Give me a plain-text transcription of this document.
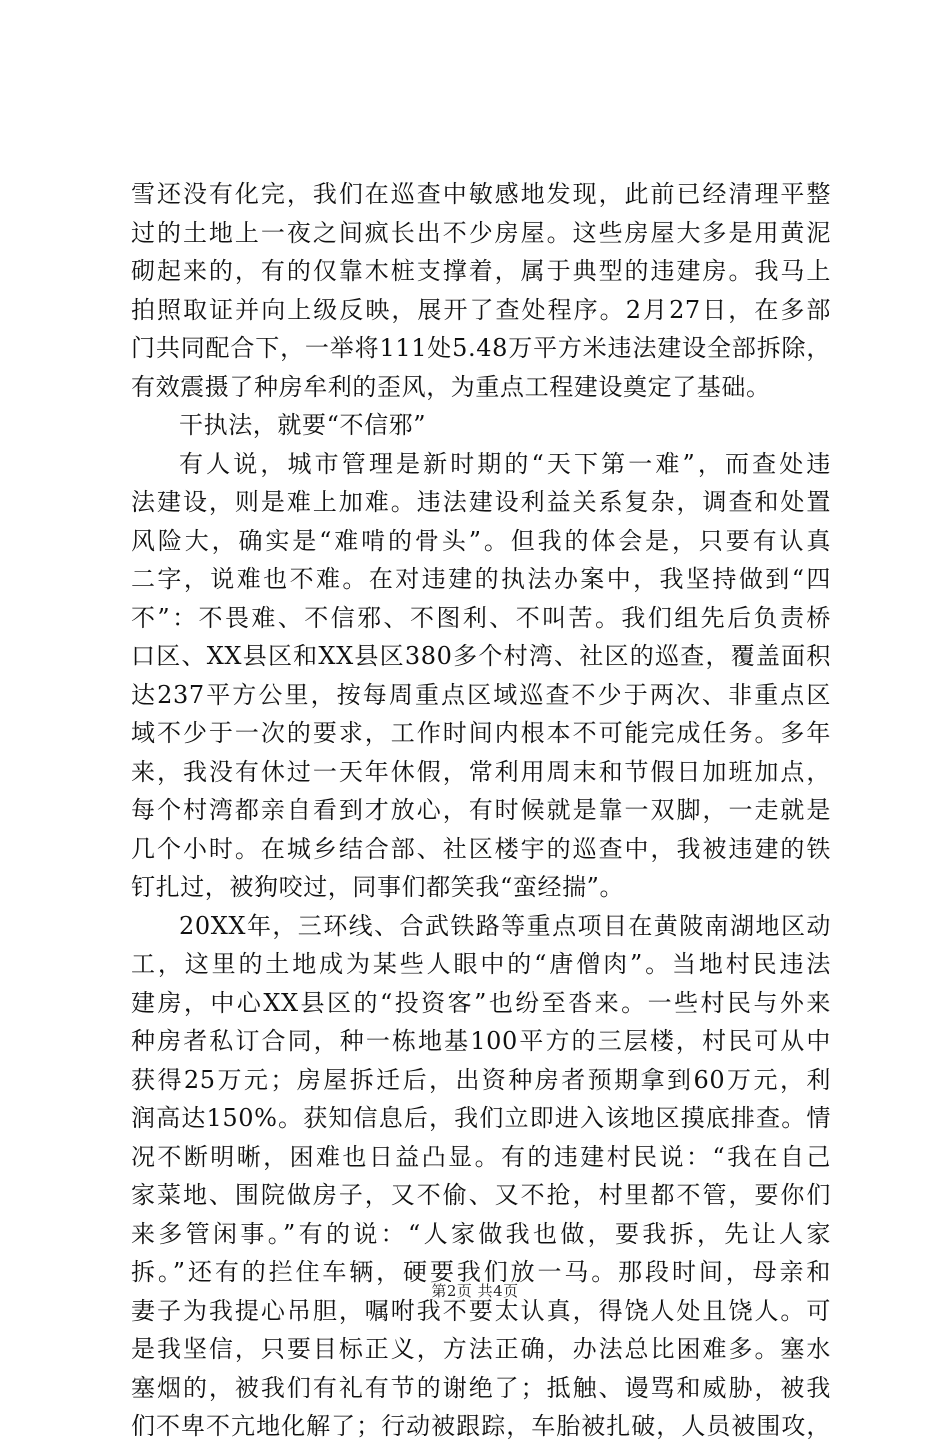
雪还没有化完，我们在巡查中敏感地发现，此前已经清理平整
过的土地上一夜之间疯长出不少房屋。这些房屋大多是用黄泥
砌起来的，有的仅靠木桩支撑着，属于典型的违建房。我马上
拍照取证并向上级反映，展开了查处程序。2月27日，在多部
门共同配合下，一举将111处5.48万平方米违法建设全部拆除，
有效震摄了种房牟利的歪风，为重点工程建设奠定了基础。
干执法，就要“不信邪”
有人说，城市管理是新时期的“天下第一难”，而查处违
法建设，则是难上加难。违法建设利益关系复杂，调查和处置
风险大，确实是“难啃的骨头”。但我的体会是，只要有认真
二字，说难也不难。在对违建的执法办案中，我坚持做到“四
不”：不畏难、不信邪、不图利、不叫苦。我们组先后负责桥
口区、XX县区和XX县区380多个村湾、社区的巡查，覆盖面积
达237平方公里，按每周重点区域巡查不少于两次、非重点区
域不少于一次的要求，工作时间内根本不可能完成任务。多年
来，我没有休过一天年休假，常利用周末和节假日加班加点，
每个村湾都亲自看到才放心，有时候就是靠一双脚，一走就是
几个小时。在城乡结合部、社区楼宇的巡查中，我被违建的铁
钉扎过，被狗咬过，同事们都笑我“蛮经揣”。
20XX年，三环线、合武铁路等重点项目在黄陂南湖地区动
工，这里的土地成为某些人眼中的“唐僧肉”。当地村民违法
建房，中心XX县区的“投资客”也纷至沓来。一些村民与外来
种房者私订合同，种一栋地基100平方的三层楼，村民可从中
获得25万元；房屋拆迁后，出资种房者预期拿到60万元，利
润高达150%。获知信息后，我们立即进入该地区摸底排查。情
况不断明晰，困难也日益凸显。有的违建村民说：“我在自己
家菜地、围院做房子，又不偷、又不抢，村里都不管，要你们
来多管闲事。”有的说：“人家做我也做，要我拆，先让人家
拆。”还有的拦住车辆，硬要我们放一马。那段时间，母亲和
妻子为我提心吊胆，嘱咐我不要太认真，得饶人处且饶人。可
是我坚信，只要目标正义，方法正确，办法总比困难多。塞水
塞烟的，被我们有礼有节的谢绝了；抵触、谩骂和威胁，被我
们不卑不亢地化解了；行动被跟踪，车胎被扎破，人员被围攻，
第2页 共4页
